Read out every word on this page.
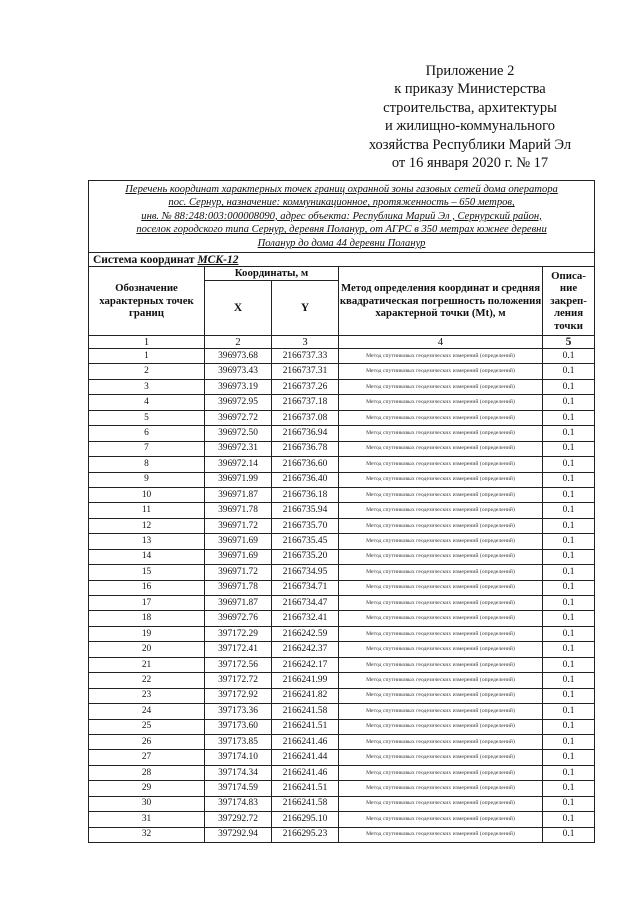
Приложение 2
к приказу Министерства
строительства, архитектуры
и жилищно-коммунального
хозяйства Республики Марий Эл
от 16 января 2020 г. № 17
Перечень координат характерных точек границ охранной зоны газовых сетей дома оператора
пос. Сернур, назначение: коммуникационное, протяженность – 650 метров,
инв. № 88:248:003:000008090, адрес объекта: Республика Марий Эл , Сернурский район,
поселок городского типа Сернур, деревня Поланур, от АГРС в 350 метрах южнее деревни
Поланур до дома 44 деревни Поланур				

Система координат МСК-12				
Обозначение характерных точек границ	Координаты, м		Метод определения координат и средняя квадратическая погрешность положения характерной точки (Mt), м	Описа-ние закреп-ления точки
	X	Y		
1	2	3	4	5
1	396973.68	2166737.33	Метод спутниковых геодезических измерений (определений)	0.1
2	396973.43	2166737.31	Метод спутниковых геодезических измерений (определений)	0.1
3	396973.19	2166737.26	Метод спутниковых геодезических измерений (определений)	0.1
4	396972.95	2166737.18	Метод спутниковых геодезических измерений (определений)	0.1
5	396972.72	2166737.08	Метод спутниковых геодезических измерений (определений)	0.1
6	396972.50	2166736.94	Метод спутниковых геодезических измерений (определений)	0.1
7	396972.31	2166736.78	Метод спутниковых геодезических измерений (определений)	0.1
8	396972.14	2166736.60	Метод спутниковых геодезических измерений (определений)	0.1
9	396971.99	2166736.40	Метод спутниковых геодезических измерений (определений)	0.1
10	396971.87	2166736.18	Метод спутниковых геодезических измерений (определений)	0.1
11	396971.78	2166735.94	Метод спутниковых геодезических измерений (определений)	0.1
12	396971.72	2166735.70	Метод спутниковых геодезических измерений (определений)	0.1
13	396971.69	2166735.45	Метод спутниковых геодезических измерений (определений)	0.1
14	396971.69	2166735.20	Метод спутниковых геодезических измерений (определений)	0.1
15	396971.72	2166734.95	Метод спутниковых геодезических измерений (определений)	0.1
16	396971.78	2166734.71	Метод спутниковых геодезических измерений (определений)	0.1
17	396971.87	2166734.47	Метод спутниковых геодезических измерений (определений)	0.1
18	396972.76	2166732.41	Метод спутниковых геодезических измерений (определений)	0.1
19	397172.29	2166242.59	Метод спутниковых геодезических измерений (определений)	0.1
20	397172.41	2166242.37	Метод спутниковых геодезических измерений (определений)	0.1
21	397172.56	2166242.17	Метод спутниковых геодезических измерений (определений)	0.1
22	397172.72	2166241.99	Метод спутниковых геодезических измерений (определений)	0.1
23	397172.92	2166241.82	Метод спутниковых геодезических измерений (определений)	0.1
24	397173.36	2166241.58	Метод спутниковых геодезических измерений (определений)	0.1
25	397173.60	2166241.51	Метод спутниковых геодезических измерений (определений)	0.1
26	397173.85	2166241.46	Метод спутниковых геодезических измерений (определений)	0.1
27	397174.10	2166241.44	Метод спутниковых геодезических измерений (определений)	0.1
28	397174.34	2166241.46	Метод спутниковых геодезических измерений (определений)	0.1
29	397174.59	2166241.51	Метод спутниковых геодезических измерений (определений)	0.1
30	397174.83	2166241.58	Метод спутниковых геодезических измерений (определений)	0.1
31	397292.72	2166295.10	Метод спутниковых геодезических измерений (определений)	0.1
32	397292.94	2166295.23	Метод спутниковых геодезических измерений (определений)	0.1
